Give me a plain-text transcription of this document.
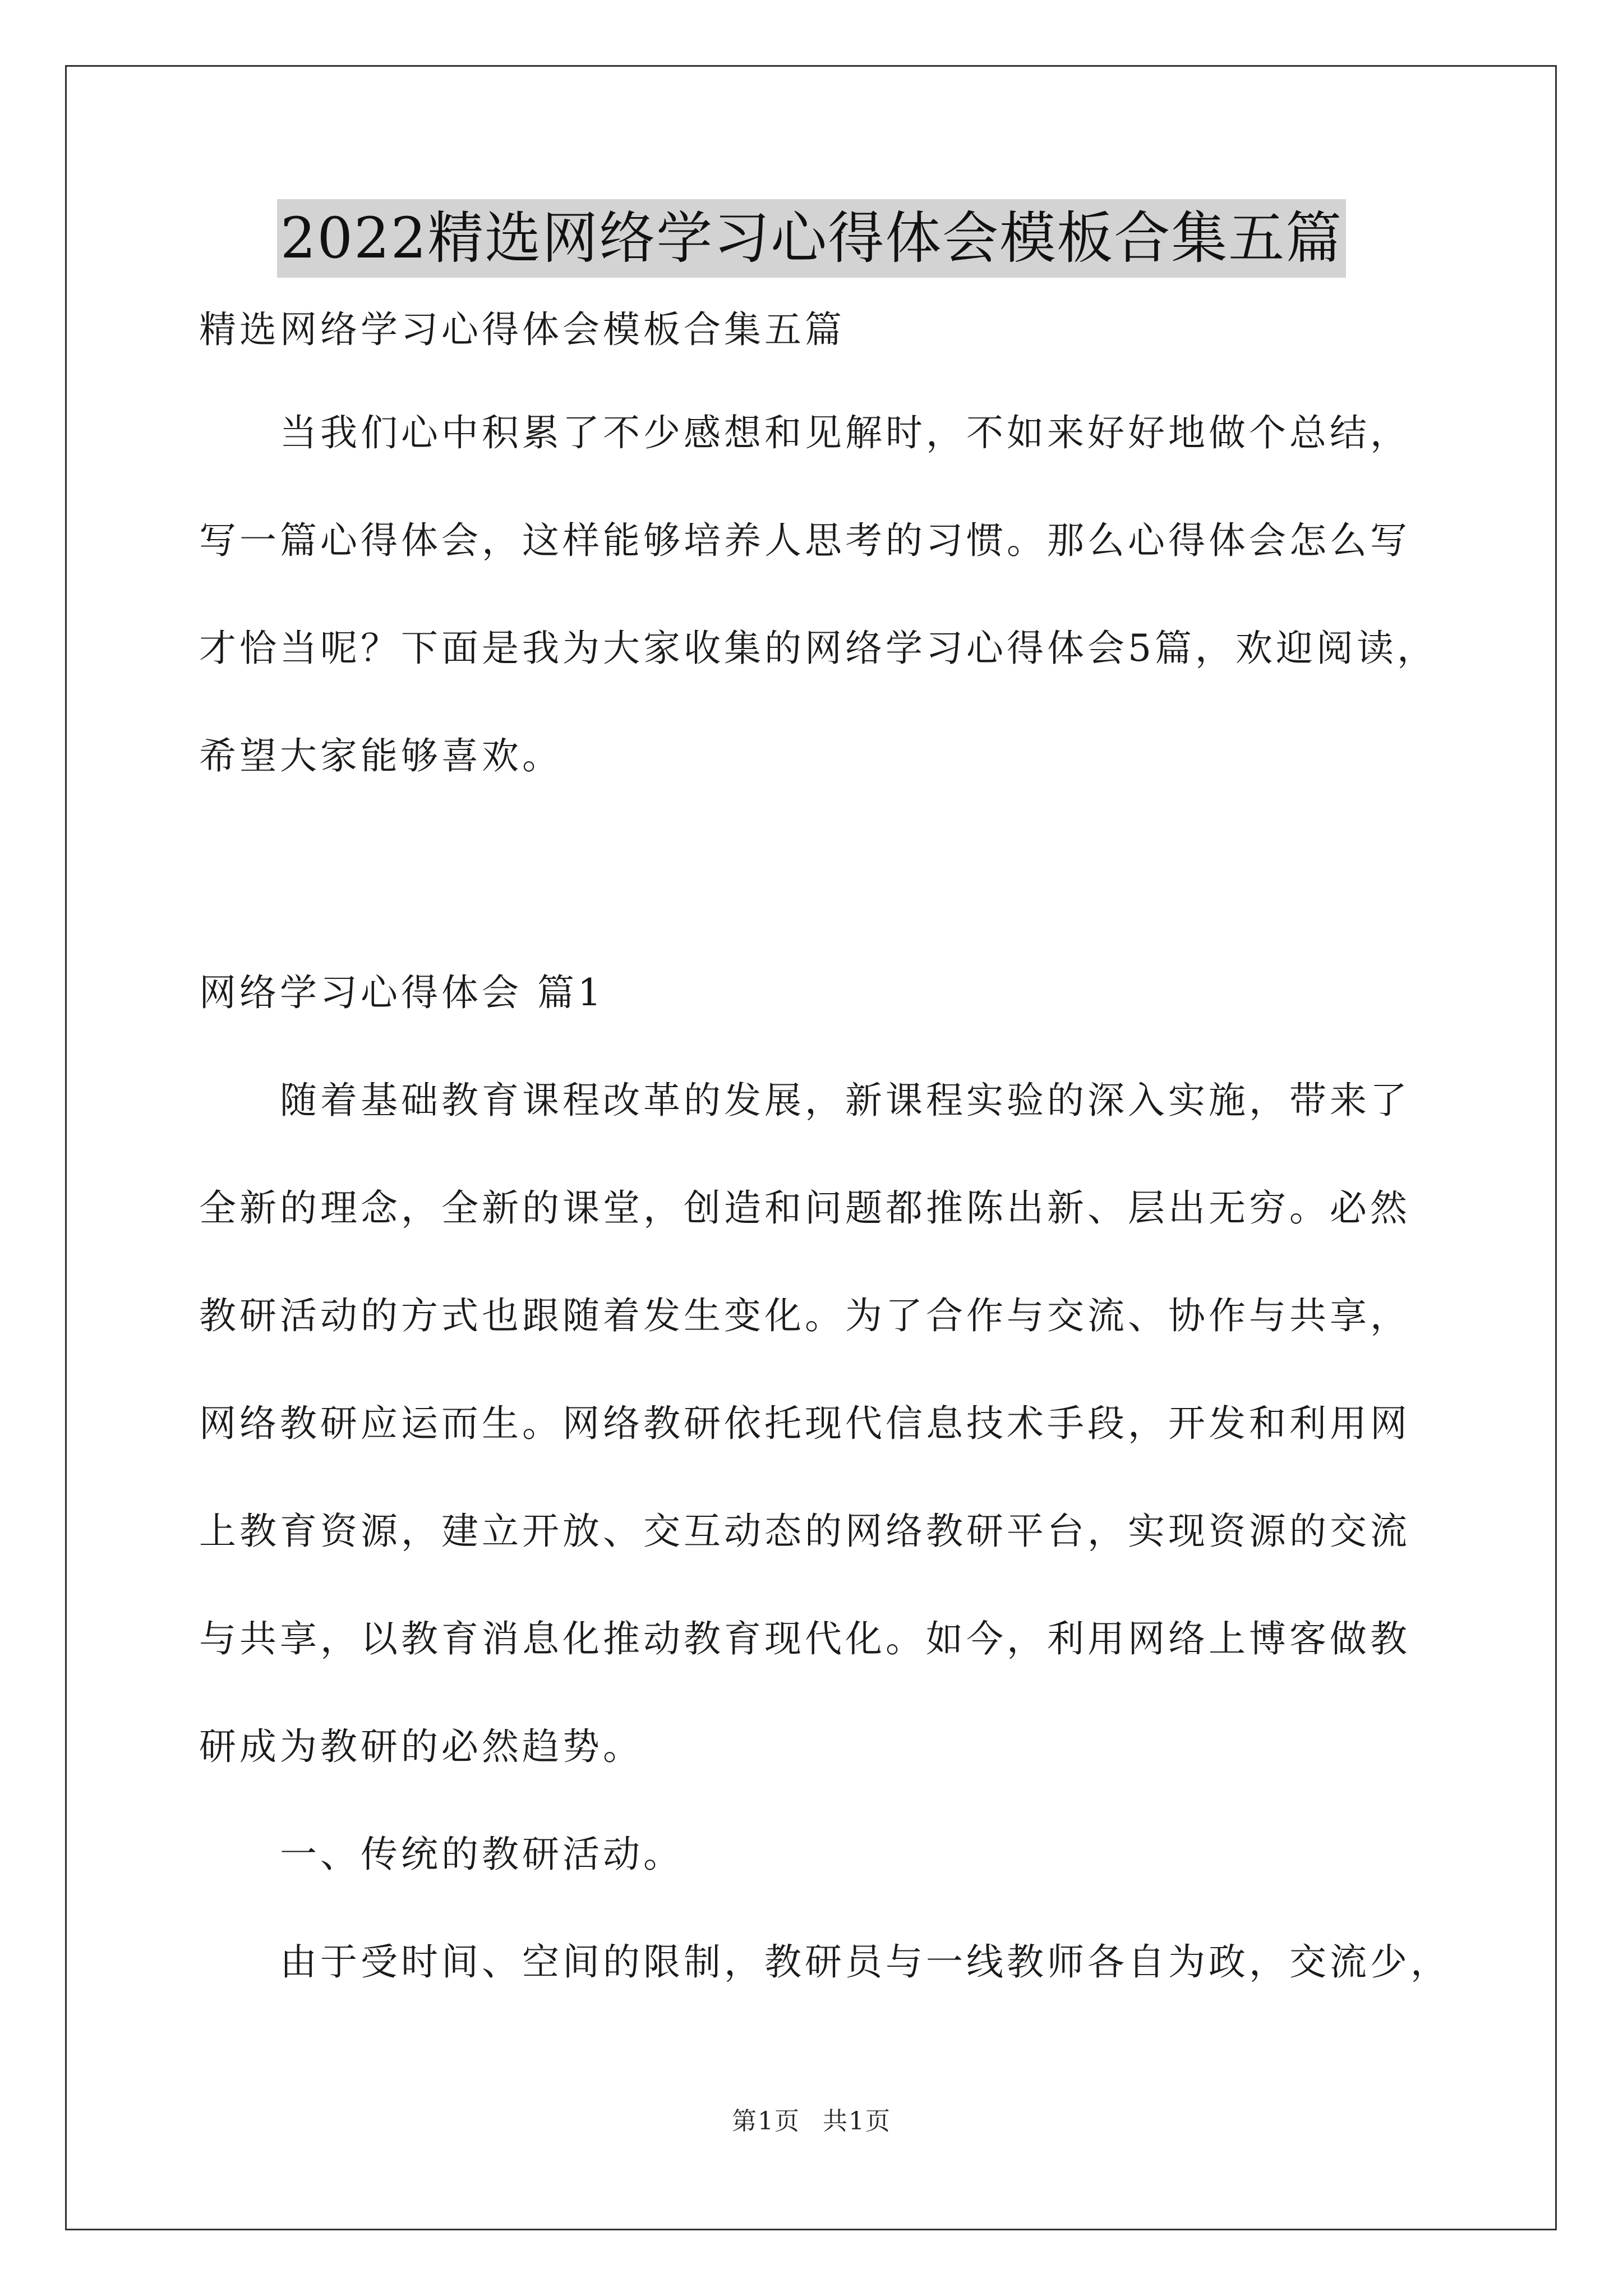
2022精选网络学习心得体会模板合集五篇
精选网络学习心得体会模板合集五篇
当我们心中积累了不少感想和见解时，不如来好好地做个总结，
写一篇心得体会，这样能够培养人思考的习惯。那么心得体会怎么写
才恰当呢？下面是我为大家收集的网络学习心得体会5篇，欢迎阅读，
希望大家能够喜欢。
网络学习心得体会 篇1
随着基础教育课程改革的发展，新课程实验的深入实施，带来了
全新的理念，全新的课堂，创造和问题都推陈出新、层出无穷。必然
教研活动的方式也跟随着发生变化。为了合作与交流、协作与共享，
网络教研应运而生。网络教研依托现代信息技术手段，开发和利用网
上教育资源，建立开放、交互动态的网络教研平台，实现资源的交流
与共享，以教育消息化推动教育现代化。如今，利用网络上博客做教
研成为教研的必然趋势。
一、传统的教研活动。
由于受时间、空间的限制，教研员与一线教师各自为政，交流少，
第1页 共1页
